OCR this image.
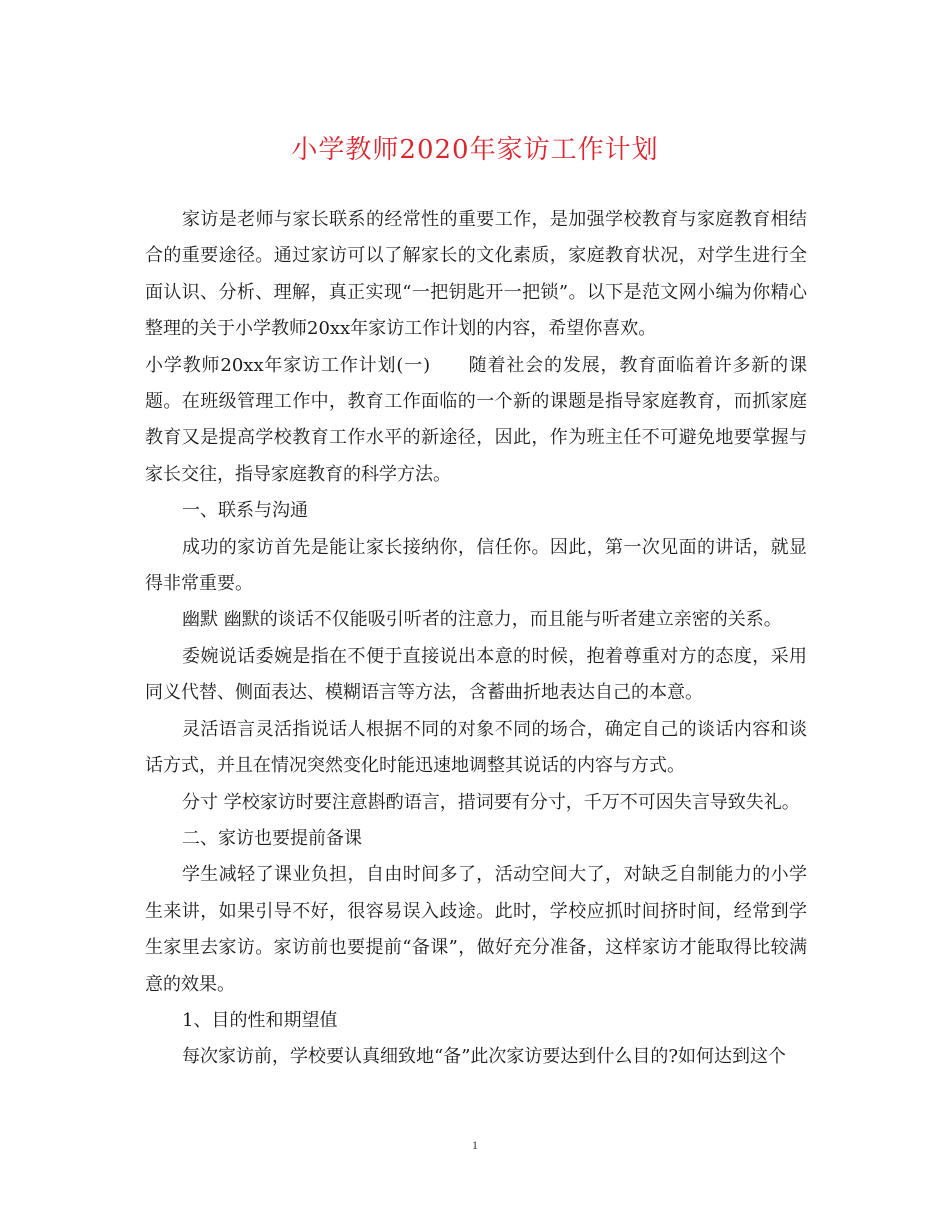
小学教师2020年家访工作计划

家访是老师与家长联系的经常性的重要工作，是加强学校教育与家庭教育相结合的重要途径。通过家访可以了解家长的文化素质，家庭教育状况，对学生进行全面认识、分析、理解，真正实现“一把钥匙开一把锁”。以下是范文网小编为你精心整理的关于小学教师20xx年家访工作计划的内容，希望你喜欢。

小学教师20xx年家访工作计划(一)　　随着社会的发展，教育面临着许多新的课题。在班级管理工作中，教育工作面临的一个新的课题是指导家庭教育，而抓家庭教育又是提高学校教育工作水平的新途径，因此，作为班主任不可避免地要掌握与家长交往，指导家庭教育的科学方法。

一、联系与沟通

成功的家访首先是能让家长接纳你，信任你。因此，第一次见面的讲话，就显得非常重要。

幽默 幽默的谈话不仅能吸引听者的注意力，而且能与听者建立亲密的关系。

委婉说话委婉是指在不便于直接说出本意的时候，抱着尊重对方的态度，采用同义代替、侧面表达、模糊语言等方法，含蓄曲折地表达自己的本意。

灵活语言灵活指说话人根据不同的对象不同的场合，确定自己的谈话内容和谈话方式，并且在情况突然变化时能迅速地调整其说话的内容与方式。

分寸 学校家访时要注意斟酌语言，措词要有分寸，千万不可因失言导致失礼。

二、家访也要提前备课

学生减轻了课业负担，自由时间多了，活动空间大了，对缺乏自制能力的小学生来讲，如果引导不好，很容易误入歧途。此时，学校应抓时间挤时间，经常到学生家里去家访。家访前也要提前“备课”，做好充分准备，这样家访才能取得比较满意的效果。

1、目的性和期望值

每次家访前，学校要认真细致地“备”此次家访要达到什么目的?如何达到这个

1
